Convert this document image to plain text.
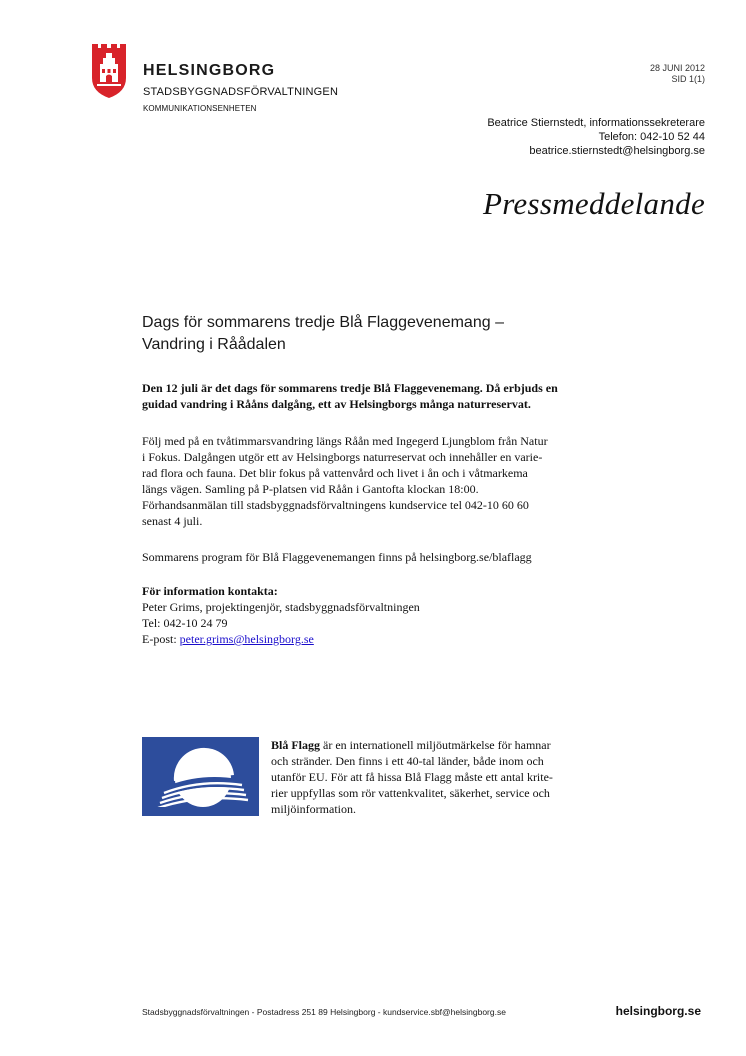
HELSINGBORG
STADSBYGGNADSFÖRVALTNINGEN
KOMMUNIKATIONSENHETEN
28 JUNI 2012
SID 1(1)
Beatrice Stiernstedt, informationssekreterare
Telefon: 042-10 52 44
beatrice.stiernstedt@helsingborg.se
Pressmeddelande
Dags för sommarens tredje Blå Flaggevenemang –
Vandring i Råådalen
Den 12 juli är det dags för sommarens tredje Blå Flaggevenemang. Då erbjuds en
guidad vandring i Rååns dalgång, ett av Helsingborgs många naturreservat.
Följ med på en tvåtimmarsvandring längs Råån med Ingegerd Ljungblom från Natur
i Fokus. Dalgången utgör ett av Helsingborgs naturreservat och innehåller en varie-
rad flora och fauna. Det blir fokus på vattenvård och livet i ån och i våtmarkema
längs vägen. Samling på P-platsen vid Råån i Gantofta klockan 18:00.
Förhandsanmälan till stadsbyggnadsförvaltningens kundservice tel 042-10 60 60
senast 4 juli.
Sommarens program för Blå Flaggevenemangen finns på helsingborg.se/blaflagg
För information kontakta:
Peter Grims, projektingenjör, stadsbyggnadsförvaltningen
Tel: 042-10 24 79
E-post: peter.grims@helsingborg.se
Blå Flagg är en internationell miljöutmärkelse för hamnar
och stränder. Den finns i ett 40-tal länder, både inom och
utanför EU. För att få hissa Blå Flagg måste ett antal krite-
rier uppfyllas som rör vattenkvalitet, säkerhet, service och
miljöinformation.
Stadsbyggnadsförvaltningen - Postadress 251 89 Helsingborg - kundservice.sbf@helsingborg.se	helsingborg.se
